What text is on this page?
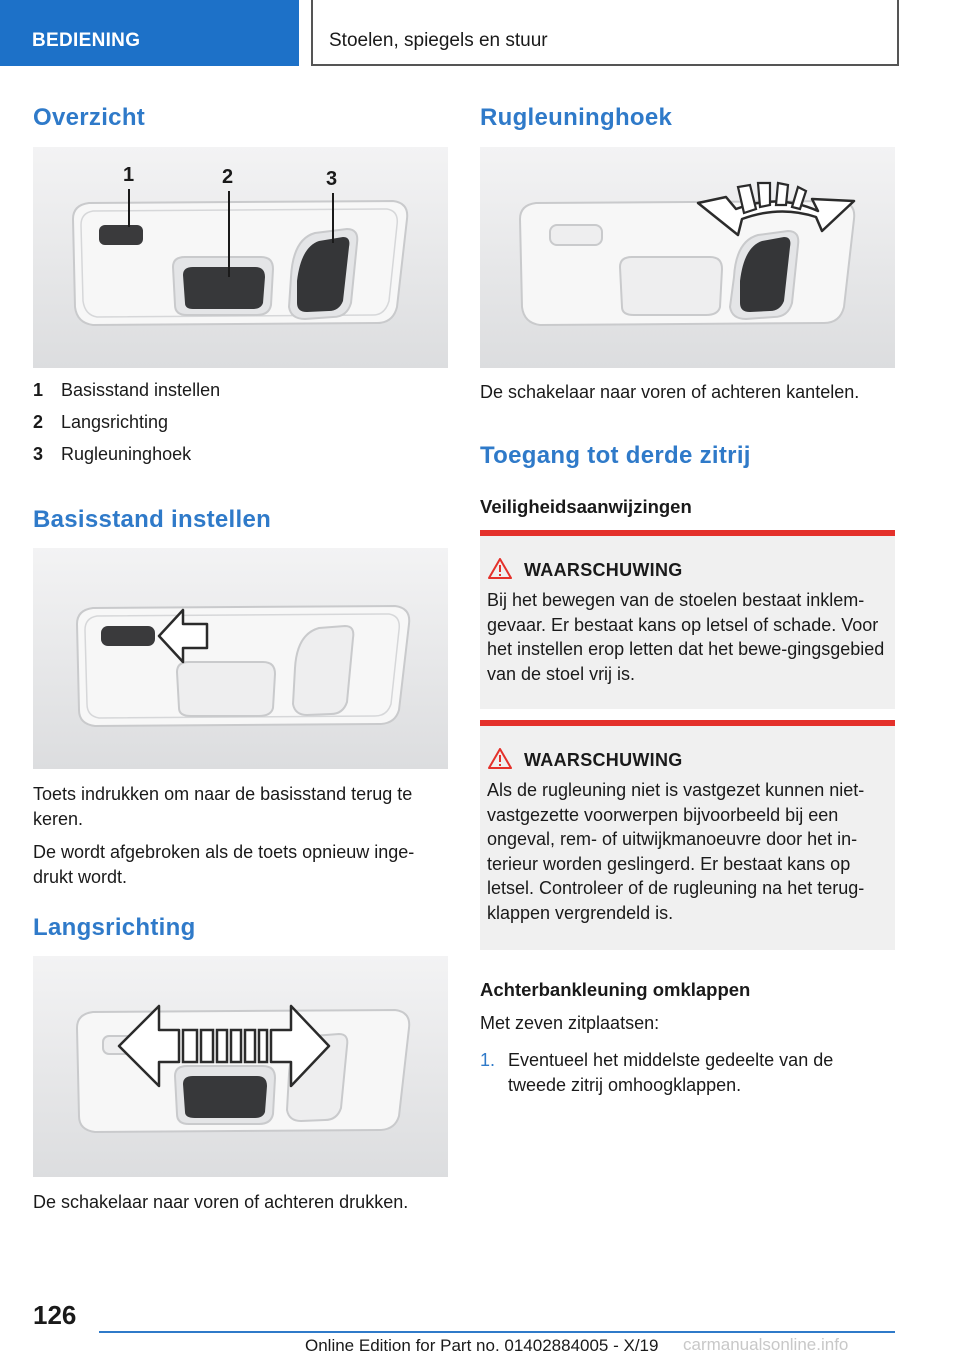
BEDIENING	Stoelen, spiegels en stuur
Overzicht
1	2	3
1 Basisstand instellen
2 Langsrichting
3 Rugleuninghoek
Basisstand instellen

Toets indrukken om naar de basisstand terug te keren.

De wordt afgebroken als de toets opnieuw inge-drukt wordt.

Langsrichting

De schakelaar naar voren of achteren drukken.

Rugleuninghoek

De schakelaar naar voren of achteren kantelen.

Toegang tot derde zitrij
Veiligheidsaanwijzingen
WAARSCHUWING

Bij het bewegen van de stoelen bestaat inklem-gevaar. Er bestaat kans op letsel of schade. Voor het instellen erop letten dat het bewe-gingsgebied van de stoel vrij is.

WAARSCHUWING

Als de rugleuning niet is vastgezet kunnen niet-vastgezette voorwerpen bijvoorbeeld bij een ongeval, rem- of uitwijkmanoeuvre door het in-terieur worden geslingerd. Er bestaat kans op letsel. Controleer of de rugleuning na het terug-klappen vergrendeld is.

Achterbankleuning omklappen

Met zeven zitplaatsen:

1. Eventueel het middelste gedeelte van de tweede zitrij omhoogklappen.
126
Online Edition for Part no. 01402884005 - X/19 carmanualsonline.info
